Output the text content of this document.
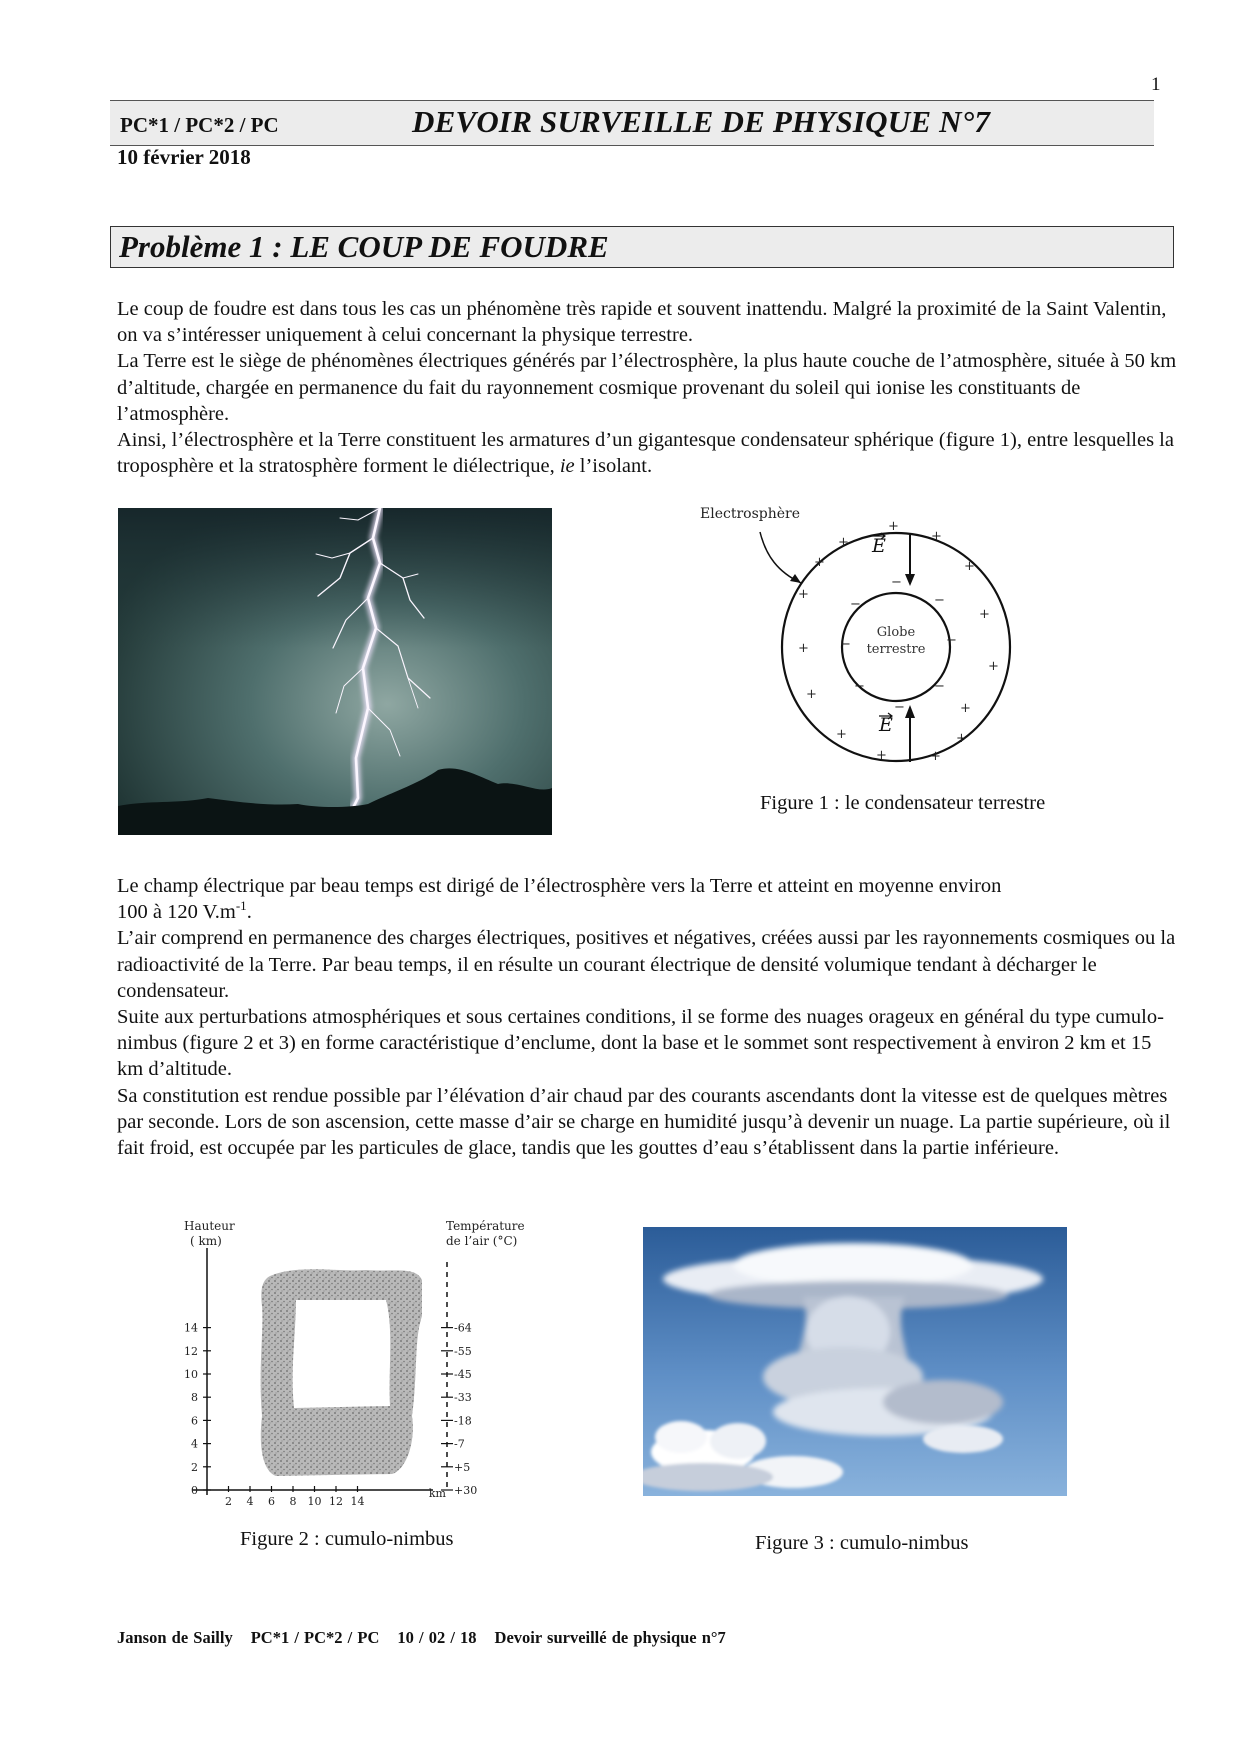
1
PC*1 / PC*2 / PC	DEVOIR SURVEILLE DE PHYSIQUE N°7
10 février 2018
Problème 1 : LE COUP DE FOUDRE
Le coup de foudre est dans tous les cas un phénomène très rapide et souvent inattendu. Malgré la proximité de la Saint Valentin, on va s’intéresser uniquement à celui concernant la physique terrestre.
La Terre est le siège de phénomènes électriques générés par l’électrosphère, la plus haute couche de l’atmosphère, située à 50 km d’altitude, chargée en permanence du fait du rayonnement cosmique provenant du soleil qui ionise les constituants de l’atmosphère.
Ainsi, l’électrosphère et la Terre constituent les armatures d’un gigantesque condensateur sphérique (figure 1), entre lesquelles la troposphère et la stratosphère forment le diélectrique, ie l’isolant.
Electrosphère
Globe
terrestre
E
E
+
+
+
+	+
+
+
+
+
+
+
+	+
+	+
−
−	−
−	−
−	−
−
Figure 1 : le condensateur terrestre
Le champ électrique par beau temps est dirigé de l’électrosphère vers la Terre et atteint en moyenne environ
100 à 120 $V.m^{-1}$.
L’air comprend en permanence des charges électriques, positives et négatives, créées aussi par les rayonnements cosmiques ou la radioactivité de la Terre. Par beau temps, il en résulte un courant électrique de densité volumique tendant à décharger le condensateur.
Suite aux perturbations atmosphériques et sous certaines conditions, il se forme des nuages orageux en général du type cumulo-nimbus (figure 2 et 3) en forme caractéristique d’enclume, dont la base et le sommet sont respectivement à environ 2 km et 15 km d’altitude.
Sa constitution est rendue possible par l’élévation d’air chaud par des courants ascendants dont la vitesse est de quelques mètres par seconde. Lors de son ascension, cette masse d’air se charge en humidité jusqu’à devenir un nuage. La partie supérieure, où il fait froid, est occupée par les particules de glace, tandis que les gouttes d’eau s’établissent dans la partie inférieure.
Hauteur
( km)
Température
de l’air (°C)
0
2
4
6
8
10
12
14
2 4 6 8 10 12 14
+30
+5
-7
-18
-33
-45
-55
-64
km
Figure 2 : cumulo-nimbus	Figure 3 : cumulo-nimbus
Janson de Sailly PC*1 / PC*2 / PC 10 / 02 / 18 Devoir surveillé de physique n°7
